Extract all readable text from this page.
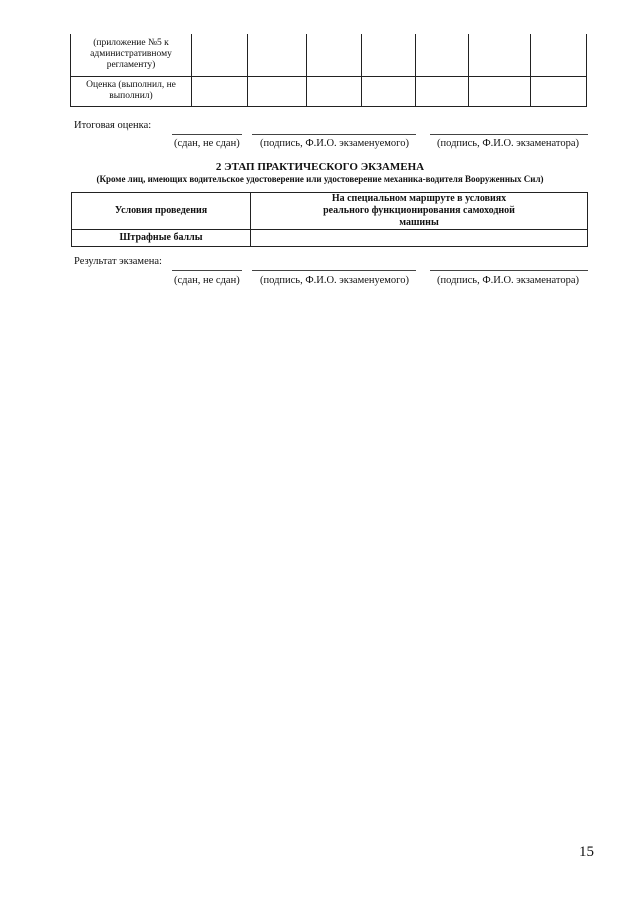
(приложение №5 к административному регламенту)							
Оценка (выполнил, не выполнил)							
Итоговая оценка:
(сдан, не сдан) (подпись, Ф.И.О. экзаменуемого)	(подпись, Ф.И.О. экзаменатора)
2 ЭТАП ПРАКТИЧЕСКОГО ЭКЗАМЕНА
(Кроме лиц, имеющих водительское удостоверение или удостоверение механика-водителя Вооруженных Сил)
Условия проведения	На специальном маршруте в условиях реального функционирования самоходной машины
Штрафные баллы	
Результат экзамена:
(сдан, не сдан) (подпись, Ф.И.О. экзаменуемого)	(подпись, Ф.И.О. экзаменатора)
15
